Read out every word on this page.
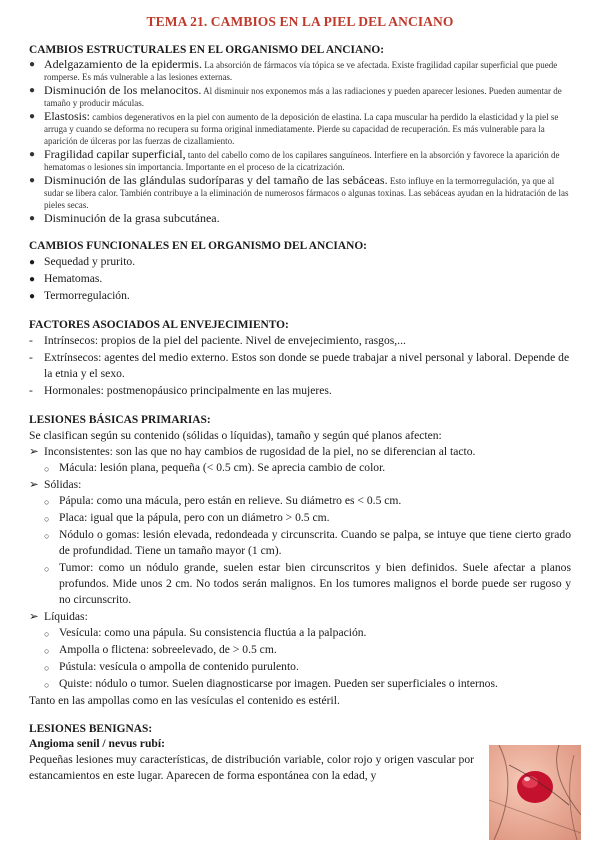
TEMA 21. CAMBIOS EN LA PIEL DEL ANCIANO
CAMBIOS ESTRUCTURALES EN EL ORGANISMO DEL ANCIANO:
● Adelgazamiento de la epidermis. La absorción de fármacos vía tópica se ve afectada. Existe fragilidad capilar superficial que puede romperse. Es más vulnerable a las lesiones externas.
● Disminución de los melanocitos. Al disminuir nos exponemos más a las radiaciones y pueden aparecer lesiones. Pueden aumentar de tamaño y producir máculas.
● Elastosis: cambios degenerativos en la piel con aumento de la deposición de elastina. La capa muscular ha perdido la elasticidad y la piel se arruga y cuando se deforma no recupera su forma original inmediatamente. Pierde su capacidad de recuperación. Es más vulnerable para la aparición de úlceras por las fuerzas de cizallamiento.
● Fragilidad capilar superficial, tanto del cabello como de los capilares sanguíneos. Interfiere en la absorción y favorece la aparición de hematomas o lesiones sin importancia. Importante en el proceso de la cicatrización.
● Disminución de las glándulas sudoríparas y del tamaño de las sebáceas. Esto influye en la termorregulación, ya que al sudar se libera calor. También contribuye a la eliminación de numerosos fármacos o algunas toxinas. Las sebáceas ayudan en la hidratación de las pieles secas.
● Disminución de la grasa subcutánea.
CAMBIOS FUNCIONALES EN EL ORGANISMO DEL ANCIANO:
● Sequedad y prurito.
● Hematomas.
● Termorregulación.
FACTORES ASOCIADOS AL ENVEJECIMIENTO:
- Intrínsecos: propios de la piel del paciente. Nivel de envejecimiento, rasgos,...
- Extrínsecos: agentes del medio externo. Estos son donde se puede trabajar a nivel personal y laboral. Depende de la etnia y el sexo.
- Hormonales: postmenopáusico principalmente en las mujeres.
LESIONES BÁSICAS PRIMARIAS:

Se clasifican según su contenido (sólidas o líquidas), tamaño y según qué planos afecten:

➢ Inconsistentes: son las que no hay cambios de rugosidad de la piel, no se diferencian al tacto.
○ Mácula: lesión plana, pequeña (< 0.5 cm). Se aprecia cambio de color.
➢ Sólidas:
○ Pápula: como una mácula, pero están en relieve. Su diámetro es < 0.5 cm.
○ Placa: igual que la pápula, pero con un diámetro > 0.5 cm.
○ Nódulo o gomas: lesión elevada, redondeada y circunscrita. Cuando se palpa, se intuye que tiene cierto grado de profundidad. Tiene un tamaño mayor (1 cm).
○ Tumor: como un nódulo grande, suelen estar bien circunscritos y bien definidos. Suele afectar a planos profundos. Mide unos 2 cm. No todos serán malignos. En los tumores malignos el borde puede ser rugoso y no circunscrito.
➢ Líquidas:
○ Vesícula: como una pápula. Su consistencia fluctúa a la palpación.
○ Ampolla o flictena: sobreelevado, de > 0.5 cm.
○ Pústula: vesícula o ampolla de contenido purulento.
○ Quiste: nódulo o tumor. Suelen diagnosticarse por imagen. Pueden ser superficiales o internos.

Tanto en las ampollas como en las vesículas el contenido es estéril.

LESIONES BENIGNAS:
Angioma senil / nevus rubí:

Pequeñas lesiones muy características, de distribución variable, color rojo y origen vascular por estancamientos en este lugar. Aparecen de forma espontánea con la edad, y
